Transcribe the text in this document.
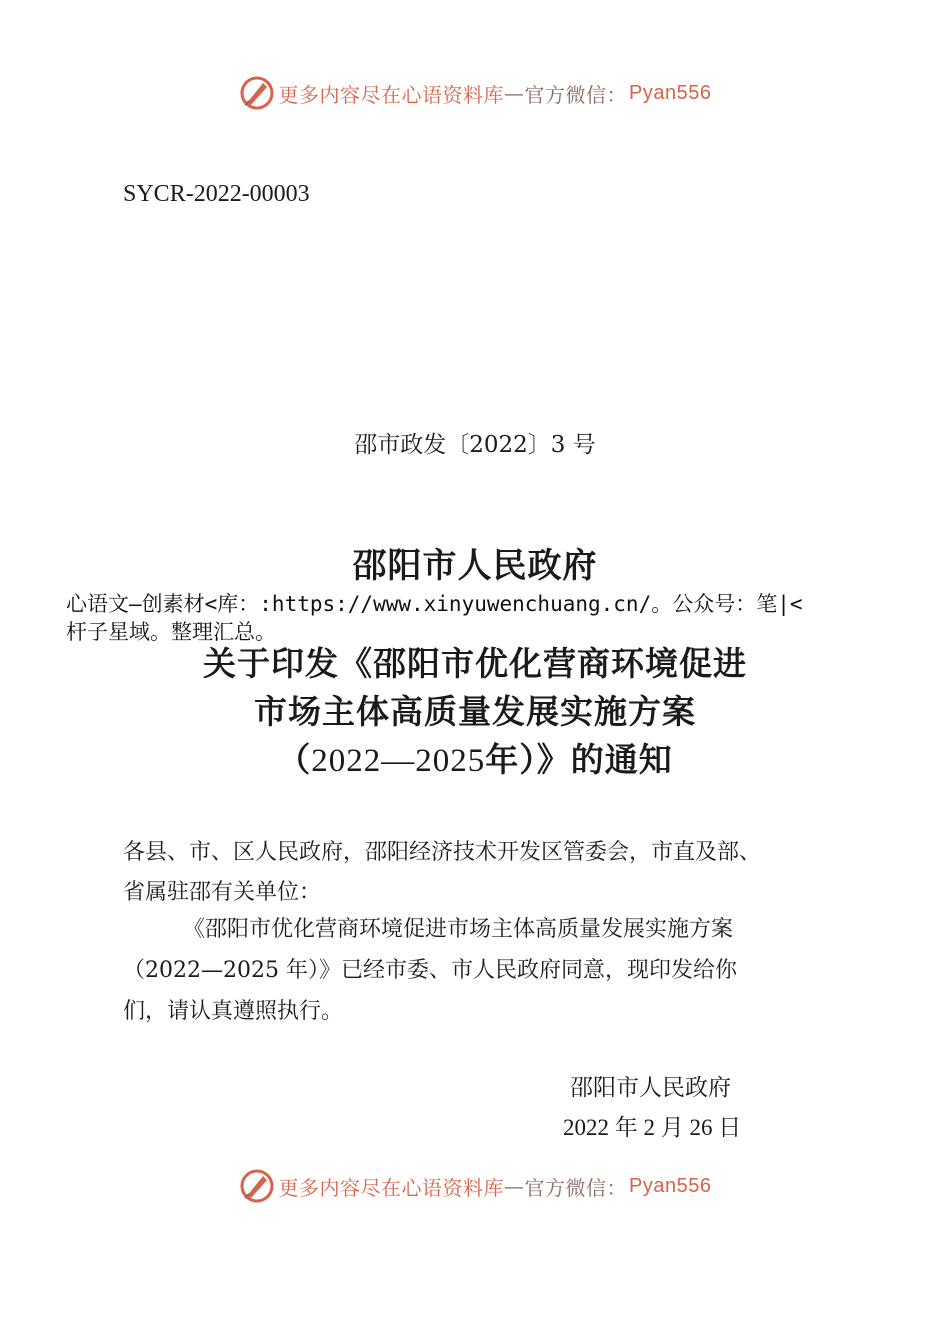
更多内容尽在心语资料库 — 官方微信： Pyan556
SYCR-2022-00003
邵市政发〔2022〕3 号
邵阳市人民政府
心语文—创素材<库：:https://www.xinyuwenchuang.cn/。公众号：笔|<
杆子星域。整理汇总。
关于印发《邵阳市优化营商环境促进
市场主体高质量发展实施方案
（2022—2025年）》的通知
各县、市、区人民政府，邵阳经济技术开发区管委会，市直及部、
省属驻邵有关单位：
《邵阳市优化营商环境促进市场主体高质量发展实施方案
（2022—2025 年）》已经市委、市人民政府同意，现印发给你
们，请认真遵照执行。
邵阳市人民政府
2022 年 2 月 26 日
更多内容尽在心语资料库 — 官方微信： Pyan556
